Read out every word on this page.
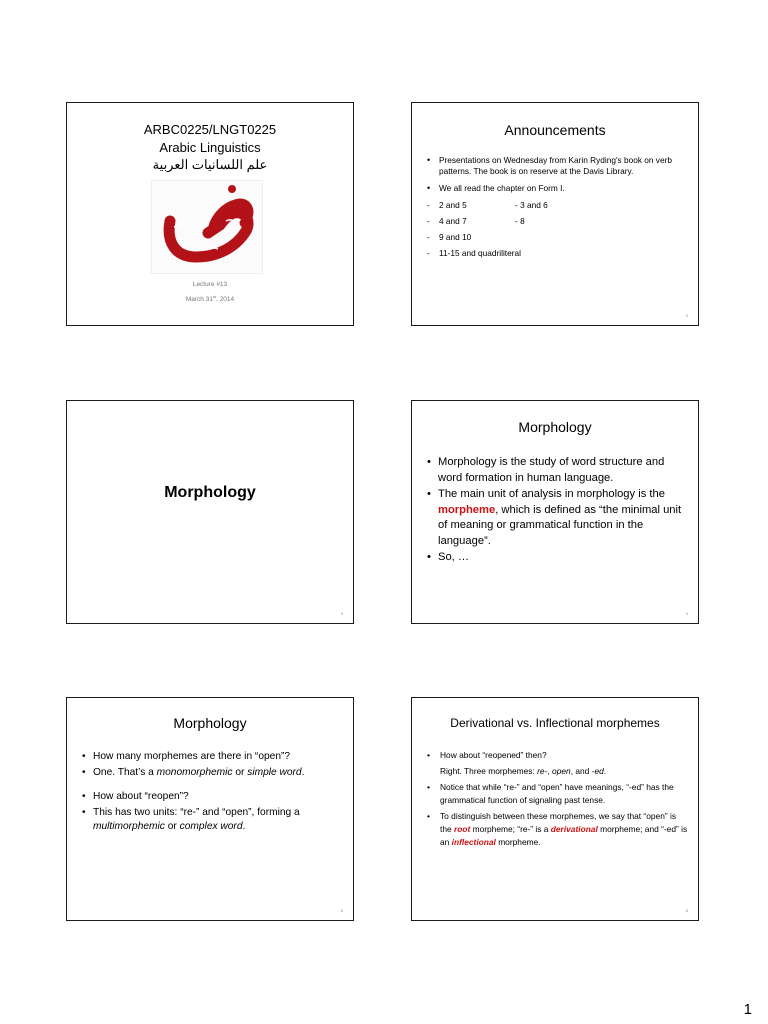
ARBC0225/LNGT0225
Arabic Linguistics
علم اللسانيات العربية
Lecture #13
March 31st, 2014
Announcements
• Presentations on Wednesday from Karin Ryding's book on verb patterns. The book is on reserve at the Davis Library.
• We all read the chapter on Form I.
- 2 and 5	- 3 and 6
- 4 and 7	- 8
- 9 and 10
- 11-15 and quadriliteral
2
Morphology
3
Morphology
• Morphology is the study of word structure and word formation in human language.
• The main unit of analysis in morphology is the morpheme, which is defined as “the minimal unit of meaning or grammatical function in the language”.
• So, …
4
Morphology
• How many morphemes are there in “open”?
• One. That’s a monomorphemic or simple word.
• How about “reopen”?
• This has two units: “re-” and “open”, forming a multimorphemic or complex word.
5
Derivational vs. Inflectional morphemes
• How about “reopened” then?
Right. Three morphemes: re-, open, and -ed.
• Notice that while “re-” and “open” have meanings, “-ed” has the grammatical function of signaling past tense.
• To distinguish between these morphemes, we say that “open” is the root morpheme; “re-” is a derivational morpheme; and “-ed” is an inflectional morpheme.
6
1
